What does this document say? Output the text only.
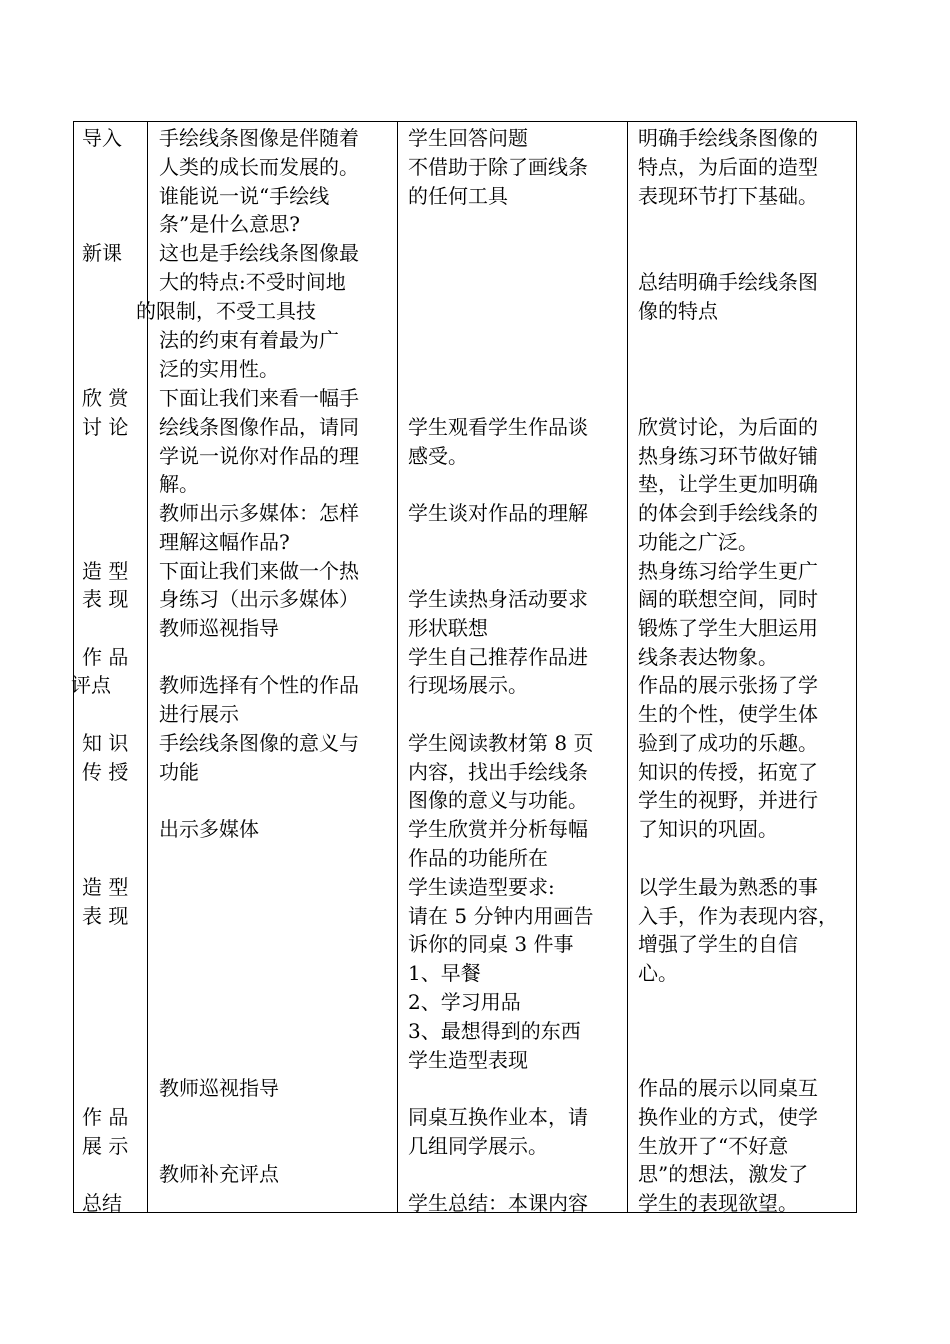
导入
新课
欣 赏
讨 论
造 型
表 现
作 品
评点
知 识
传 授
造 型
表 现
作 品
展 示
总结
手绘线条图像是伴随着
人类的成长而发展的。
谁能说一说“手绘线
条”是什么意思?
这也是手绘线条图像最
大的特点:不受时间地
的限制，不受工具技
法的约束有着最为广
泛的实用性。
下面让我们来看一幅手
绘线条图像作品，请同
学说一说你对作品的理
解。
教师出示多媒体：怎样
理解这幅作品?
下面让我们来做一个热
身练习（出示多媒体）
教师巡视指导
教师选择有个性的作品
进行展示
手绘线条图像的意义与
功能
出示多媒体
教师巡视指导
教师补充评点
学生回答问题
不借助于除了画线条
的任何工具
学生观看学生作品谈
感受。
学生谈对作品的理解
学生读热身活动要求
形状联想
学生自己推荐作品进
行现场展示。
学生阅读教材第 8 页
内容，找出手绘线条
图像的意义与功能。
学生欣赏并分析每幅
作品的功能所在
学生读造型要求:
请在 5 分钟内用画告
诉你的同桌 3 件事
1、早餐
2、学习用品
3、最想得到的东西
学生造型表现
同桌互换作业本，请
几组同学展示。
学生总结：本课内容
明确手绘线条图像的
特点，为后面的造型
表现环节打下基础。
总结明确手绘线条图
像的特点
欣赏讨论，为后面的
热身练习环节做好铺
垫，让学生更加明确
的体会到手绘线条的
功能之广泛。
热身练习给学生更广
阔的联想空间，同时
锻炼了学生大胆运用
线条表达物象。
作品的展示张扬了学
生的个性，使学生体
验到了成功的乐趣。
知识的传授，拓宽了
学生的视野，并进行
了知识的巩固。
以学生最为熟悉的事
入手，作为表现内容，
增强了学生的自信
心。
作品的展示以同桌互
换作业的方式，使学
生放开了“不好意
思”的想法，激发了
学生的表现欲望。
